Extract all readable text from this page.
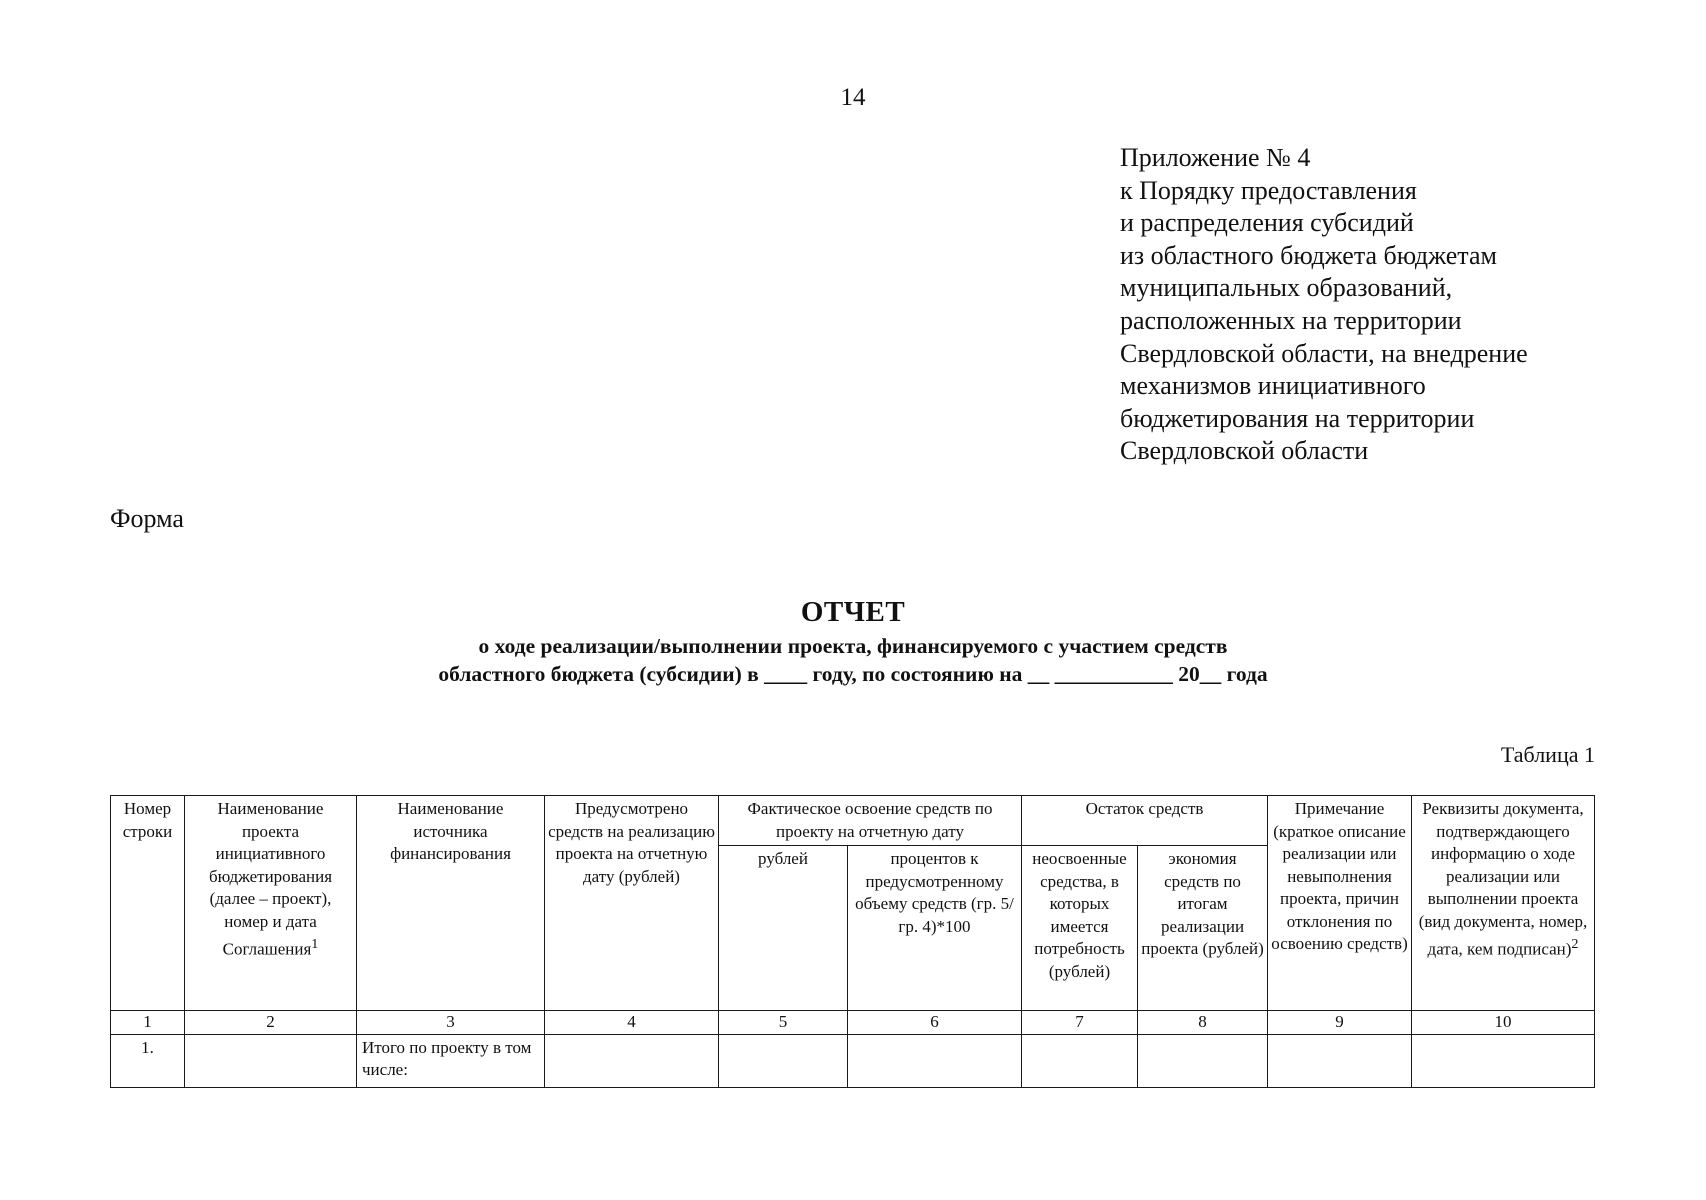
14
Приложение № 4
к Порядку предоставления
и распределения субсидий
из областного бюджета бюджетам
муниципальных образований,
расположенных на территории
Свердловской области, на внедрение
механизмов инициативного
бюджетирования на территории
Свердловской области
Форма
ОТЧЕТ
о ходе реализации/выполнении проекта, финансируемого с участием средств
областного бюджета (субсидии) в ____ году, по состоянию на __ ___________ 20__ года
Таблица 1
Номер строки	Наименование проекта инициативного бюджетирования (далее – проект), номер и дата Соглашения$^1$	Наименование источника финансирования	Предусмотрено средств на реализацию проекта на отчетную дату (рублей)	Фактическое освоение средств по проекту на отчетную дату		Остаток средств		Примечание (краткое описание реализации или невыполнения проекта, причин отклонения по освоению средств)	Реквизиты документа, подтверждающего информацию о ходе реализации или выполнении проекта (вид документа, номер, дата, кем подписан)$^2$
				рублей	процентов к предусмотренному объему средств (гр. 5/гр. 4)*100	неосвоенные средства, в которых имеется потребность (рублей)	экономия средств по итогам реализации проекта (рублей)		
1	2	3	4	5	6	7	8	9	10
1.		Итого по проекту в том числе:							
